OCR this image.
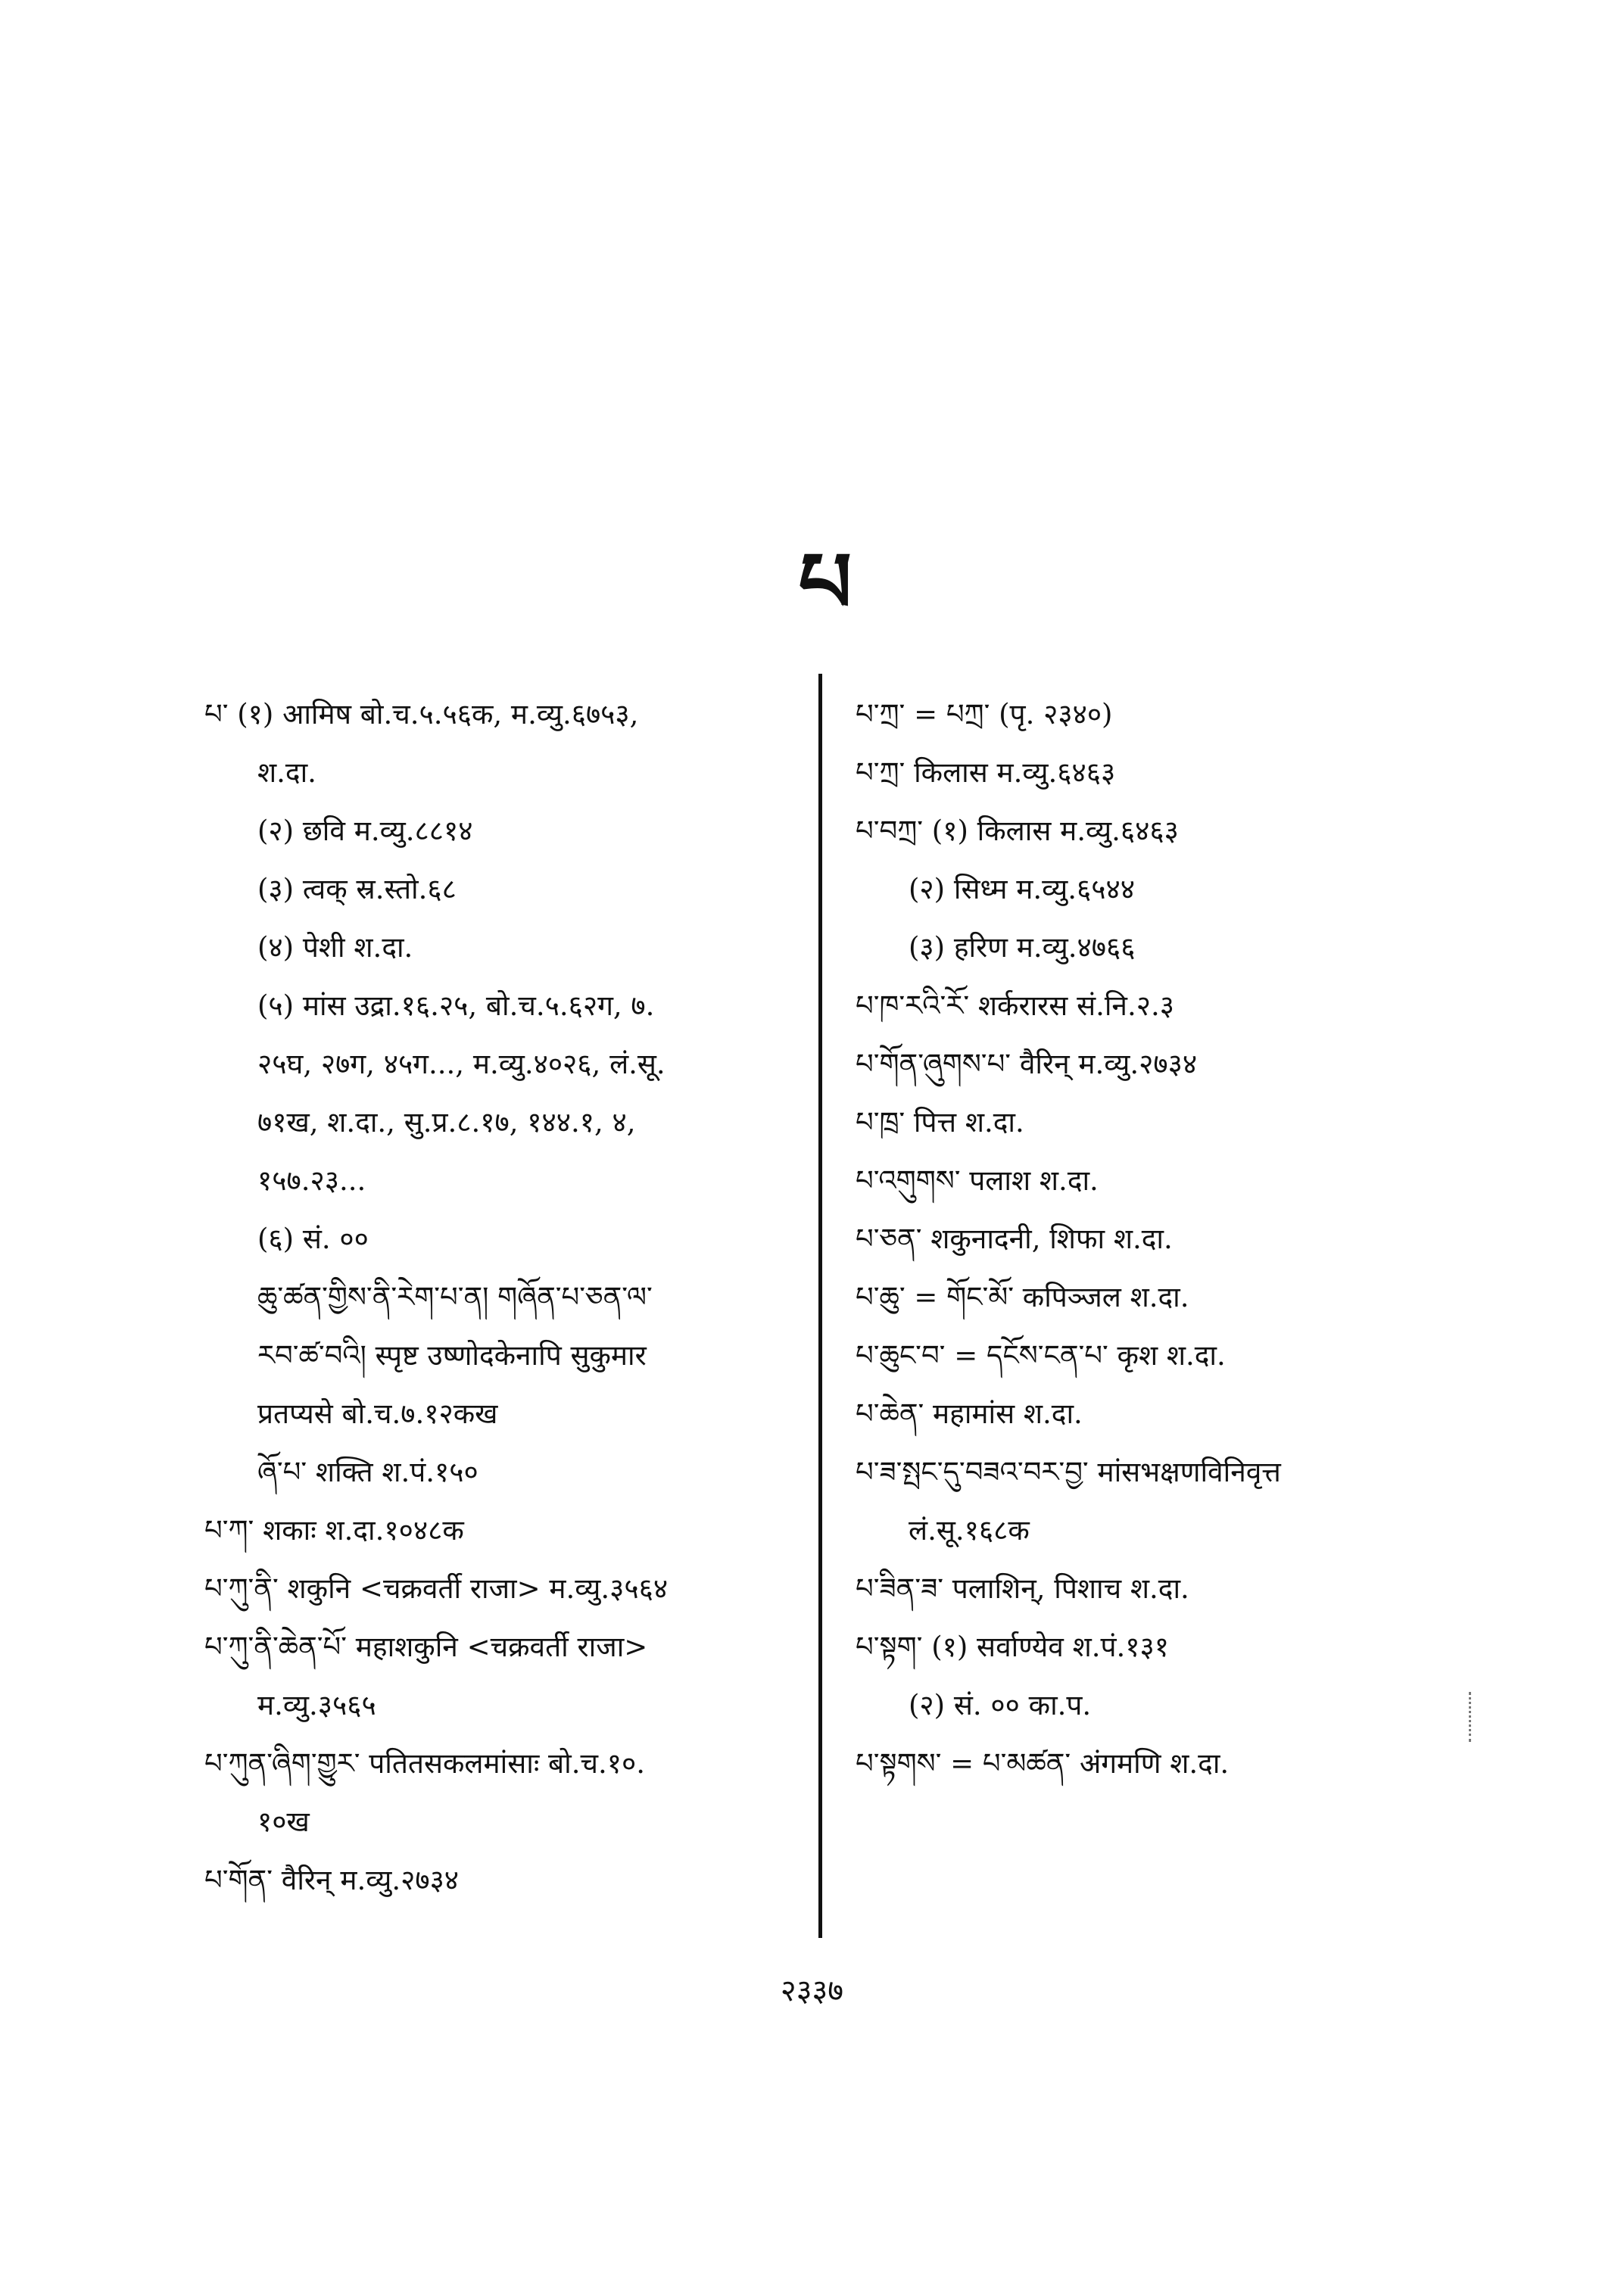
པ

པ་ (१) आमिष बो.च.५.५६क, म.व्यु.६७५३,

श.दा.

(२) छवि म.व्यु.८८१४

(३) त्वक् स्र.स्तो.६८

(४) पेशी श.दा.

(५) मांस उद्रा.१६.२५, बो.च.५.६२ग, ७.

२५घ, २७ग, ४५ग..., म.व्यु.४०२६, लं.सू.

७१ख, श.दा., सु.प्र.८.१७, १४४.१, ४,

१५७.२३...

(६) सं. ००

ཆུ་ཚན་གྱིས་ནི་རེག་པ་ན། གཞོན་པ་ཅན་ལ་

རབ་ཚ་བའི། स्पृष्ट उष्णोदकेनापि सुकुमार

प्रतप्यसे बो.च.७.१२कख

ཞོ་པ་ शक्ति श.पं.१५०

པ་ཀ་ शकाः श.दा.१०४८क

པ་ཀུ་ནི་ शकुनि <चक्रवर्ती राजा> म.व्यु.३५६४

པ་ཀུ་ནི་ཆེན་པོ་ महाशकुनि <चक्रवर्ती राजा>

म.व्यु.३५६५

པ་ཀུན་ཞིག་གྱུར་ पतितसकलमांसाः बो.च.१०.

१०ख

པ་གོན་ वैरिन् म.व्यु.२७३४

པ་ཀྲ་ = པཀྲ་ (पृ. २३४०)

པ་ཀྲ་ किलास म.व्यु.६४६३

པ་བཀྲ་ (१) किलास म.व्यु.६४६३

(२) सिध्म म.व्यु.६५४४

(३) हरिण म.व्यु.४७६६

པ་ཁ་རའི་རོ་ शर्करारस सं.नि.२.३

པ་གོན་ཞུགས་པ་ वैरिन् म.व्यु.२७३४

པ་ཁྲ་ पित्त श.दा.

པ་འགུགས་ पलाश श.दा.

པ་ཅན་ शकुनादनी, शिफा श.दा.

པ་ཆུ་ = གོང་མོ་ कपिञ्जल श.दा.

པ་ཆུང་བ་ = དངོས་ངན་པ་ कृश श.दा.

པ་ཆེན་ महामांस श.दा.

པ་ཟ་སྤང་དུ་བཟའ་བར་བྱ་ मांसभक्षणविनिवृत्त

लं.सू.१६८क

པ་ཟིན་ཟ་ पलाशिन्, पिशाच श.दा.

པ་སྟག་ (१) सर्वाण्येव श.पं.१३१

(२) सं. ०० का.प.

པ་སྟགས་ = པ་མཚན་ अंगमणि श.दा.

२३३७
